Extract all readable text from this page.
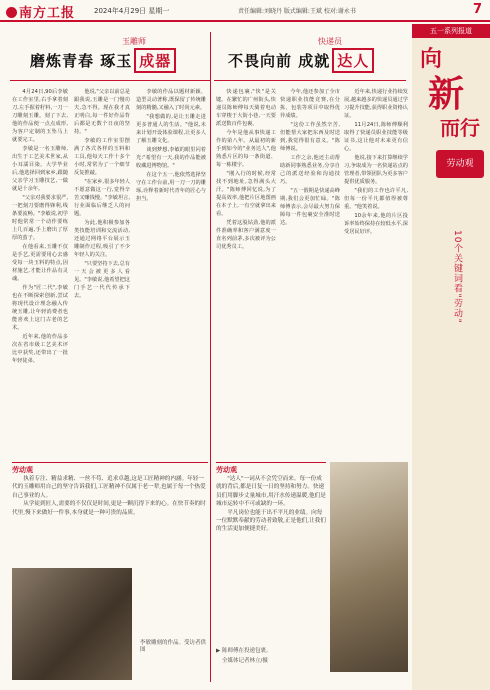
南方工报	2024年4月29日 星期一	责任编辑:刘晓丹 版式编辑:王斌 校对:谢永书	7
五一系列报道
向
新
而行
劳动观
10个关键词看"劳动"
玉雕师
磨炼青春 琢玉 成器
快递员
不畏向前 成就 达人

4月24日,90后李敏在工作室里,右手拿着刻刀,左手握着籽料,一刀一刀雕刻玉雕。刻了下去,他的作品便一点点成形,为客户定制的玉坠马上就要完工。

李敏是一名玉雕师,出生于工艺美术世家,从小耳濡目染。大学毕业后,他选择回到家乡,跟随父亲学习玉雕技艺,一做就是十余年。

"父亲对我要求很严,一把刻刀要磨得锋利,线条要流畅。"李敏说,初学时他常常一个动作要练上几百遍,手上磨出了厚厚的茧子。

在他看来,玉雕不仅是手艺,更需要用心去感受每一块玉料的特点,因材施艺,才能让作品有灵魂。

作为"匠二代",李敏也在不断探索创新,尝试将现代设计理念融入传统玉雕,让年轻消费者也能喜欢上这门古老的艺术。

近年来,他的作品多次在省市级工艺美术评比中获奖,还带出了一批年轻徒弟。

他说,"父亲以前总是跟我说,玉雕是一门慢功夫,急不得。现在我才真正明白,每一件好作品背后都是无数个日夜的坚持。"

李敏的工作室里摆满了各式各样的玉料和工具,他每天工作十多个小时,常常为了一个细节反复推敲。

"在家乡,很多年轻人不愿意做这一行,觉得辛苦又赚钱慢。"李敏坦言,行业面临后继乏人的问题。

为此,他积极参加各类技能培训和交流活动,还通过网络平台展示玉雕制作过程,吸引了不少年轻人的关注。

"只要坚持下去,总有一天会被更多人看见。"李敏说,他希望把这门手艺一代代传承下去。

李敏的作品以题材新颖、造型灵动著称,既保留了传统雕刻的精髓,又融入了时尚元素。

"我想做的,是让玉雕走进更多普通人的生活。"他说,未来计划开设体验课程,让更多人了解玉雕文化。

谈到梦想,李敏的眼里闪着光:"希望有一天,我的作品能被收藏进博物馆。"

在这个五一,他依然选择坚守在工作台前,用一刀一刀的雕琢,诠释着新时代青年的匠心与担当。

劳动观

执着专注、精益求精、一丝不苟、追求卓越,这是工匠精神的内涵。年轻一代的玉雕师用自己的坚守告诉我们,工匠精神不仅属于老一辈,也属于每一个热爱自己事业的人。

从学徒到匠人,需要的不仅仅是时间,更是一颗沉得下来的心。在快节奏的时代里,慢下来做好一件事,本身就是一种可贵的品质。

李敏雕刻的作品。受访者供图

快递包裹,"快"是关键。在繁忙的广州街头,快递员陈师傅每天骑着电动车穿梭于大街小巷,一天要派送数百件包裹。

今年是他从事快递工作的第八年。从最初的新手到如今的"业务达人",他熟悉片区的每一条街道、每一栋楼宇。

"刚入行的时候,经常找不到地址,急得满头大汗。"陈师傅回忆说,为了提高效率,他把片区地图画在本子上,一有空就拿出来看。

凭着这股钻劲,他的派件准确率和客户满意度一直名列前茅,多次被评为公司优秀员工。

今年,他还参加了全市快递职业技能竞赛,在分拣、包装等项目中取得优异成绩。

"这份工作虽然辛苦,但能帮大家把东西及时送到,我觉得很有意义。"陈师傅说。

工作之余,他还主动帮助新同事熟悉业务,分享自己的派送经验和沟通技巧。

"五一假期是快递高峰期,我们会更加忙碌。"陈师傅表示,会尽最大努力保障每一件包裹安全准时送达。

近年来,快递行业持续发展,越来越多的快递员通过学习提升技能,获得职业资格认证。

11月24日,陈师傅顺利取得了快递员职业技能等级证书,这让他对未来更有信心。

他说,接下来打算继续学习,争取成为一名快递站点的管理者,带领团队为更多客户提供优质服务。

"我们的工作也许平凡,但每一份平凡都值得被尊重。"他笑着说。

10余年来,他的片区投诉率始终保持在较低水平,深受居民好评。

劳动观

"达人"一词从不会凭空而来。每一份成就的背后,都是日复一日的坚持和努力。快递员们用脚步丈量城市,用汗水传递温暖,他们是城市运转中不可或缺的一环。

平凡岗位也能干出不平凡的业绩。向每一位默默奉献的劳动者致敬,正是他们,让我们的生活更加便捷美好。

▶ 陈师傅在投递包裹。
全媒体记者林立/摄
